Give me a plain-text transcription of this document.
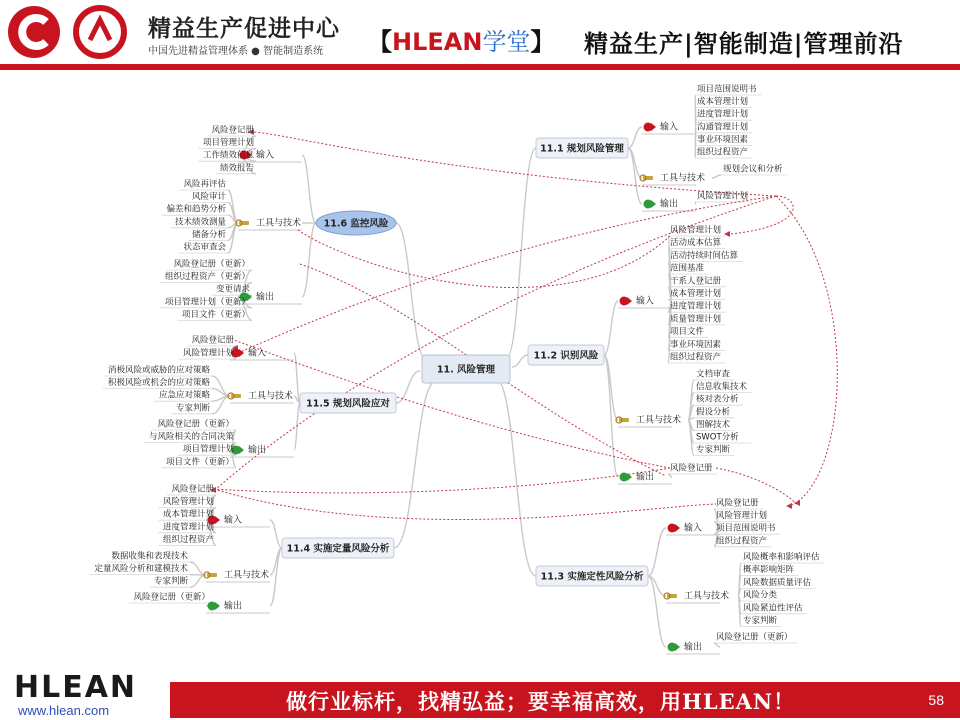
精益生产促进中心
中国先进精益管理体系 ● 智能制造系统 【HLEAN学堂】 精益生产|智能制造|管理前沿
11.1 规划风险管理
输入
工具与技术
输出
项目范围说明书
成本管理计划
进度管理计划
沟通管理计划
事业环境因素
组织过程资产
规划会议和分析
风险管理计划
11.2 识别风险
输入
工具与技术
输出
风险管理计划
活动成本估算
活动持续时间估算
范围基准
干系人登记册
成本管理计划
进度管理计划
质量管理计划
项目文件
事业环境因素
组织过程资产
文档审查
信息收集技术
核对表分析
假设分析
图解技术
SWOT分析
专家判断
风险登记册
11.3 实施定性风险分析
输入
工具与技术
输出
风险登记册
风险管理计划
项目范围说明书
组织过程资产
风险概率和影响评估
概率影响矩阵
风险数据质量评估
风险分类
风险紧迫性评估
专家判断
风险登记册（更新）
11.6 监控风险
输入
工具与技术
输出
风险登记册
项目管理计划
工作绩效信息
绩效报告
风险再评估
风险审计
偏差和趋势分析
技术绩效测量
储备分析
状态审查会
风险登记册（更新）
组织过程资产（更新）
变更请求
项目管理计划（更新）
项目文件（更新）
11.5 规划风险应对
输入
工具与技术
输出
风险登记册
风险管理计划
消极风险或威胁的应对策略
积极风险或机会的应对策略
应急应对策略
专家判断
风险登记册（更新）
与风险相关的合同决策
项目管理计划
项目文件（更新）
11.4 实施定量风险分析
输入
工具与技术
输出
风险登记册
风险管理计划
成本管理计划
进度管理计划
组织过程资产
数据收集和表现技术
定量风险分析和建模技术
专家判断
风险登记册（更新）
11. 风险管理
HLEAN
www.hlean.com	做行业标杆，找精弘益；要幸福高效，用HLEAN！	58
